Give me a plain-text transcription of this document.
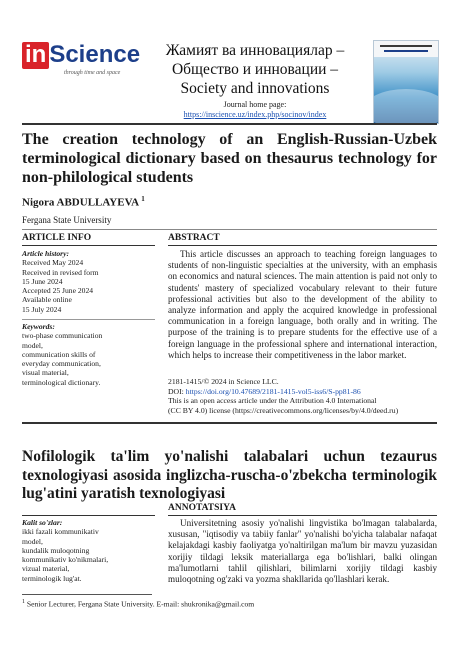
in Science
through time and space
Жамият ва инновациялар –
Общество и инновации –
Society and innovations
Journal home page:
https://inscience.uz/index.php/socinov/index
The creation technology of an English-Russian-Uzbek terminological dictionary based on thesaurus technology for non-philological students
Nigora ABDULLAYEVA $^1$
Fergana State University
ARTICLE INFO	ABSTRACT
Article history:
Received May 2024
Received in revised form
15 June 2024
Accepted 25 June 2024
Available online
15 July 2024
Keywords:
two-phase communication
model,
communication skills of
everyday communication,
visual material,
terminological dictionary.
This article discusses an approach to teaching foreign languages to students of non-linguistic specialties at the university, with an emphasis on economics and natural sciences. The main attention is paid not only to students' mastery of specialized vocabulary relevant to their future professional activities but also to the development of the ability to analyze information and apply the acquired knowledge in professional communication in a foreign language, both orally and in writing. The purpose of the training is to prepare students for the effective use of a foreign language in the professional sphere and international interaction, which helps to increase their competitiveness in the labor market.
2181-1415/© 2024 in Science LLC.
DOI: https://doi.org/10.47689/2181-1415-vol5-iss6/S-pp81-86
This is an open access article under the Attribution 4.0 International
(CC BY 4.0) license (https://creativecommons.org/licenses/by/4.0/deed.ru)
Nofilologik ta'lim yo'nalishi talabalari uchun tezaurus texnologiyasi asosida inglizcha-ruscha-o'zbekcha terminologik lug'atini yaratish texnologiyasi
ANNOTATSIYA
Kalit so'zlar:
ikki fazali kommunikativ
model,
kundalik muloqotning
kommunikativ ko'nikmalari,
vizual material,
terminologik lug'at.
Universitetning asosiy yo'nalishi lingvistika bo'lmagan talabalarda, xususan, "iqtisodiy va tabiiy fanlar" yo'nalishi bo'yicha talabalar nafaqat kelajakdagi kasbiy faoliyatga yo'naltirilgan ma'lum bir mavzu yuzasidan xorijiy tildagi leksik materiallarga ega bo'lishlari, balki olingan ma'lumotlarni tahlil qilishlari, bilimlarni xorijiy tildagi kasbiy muloqotning og'zaki va yozma shakllarida qo'llashlari kerak.
$^1$ Senior Lecturer, Fergana State University. E-mail: shukronika@gmail.com
